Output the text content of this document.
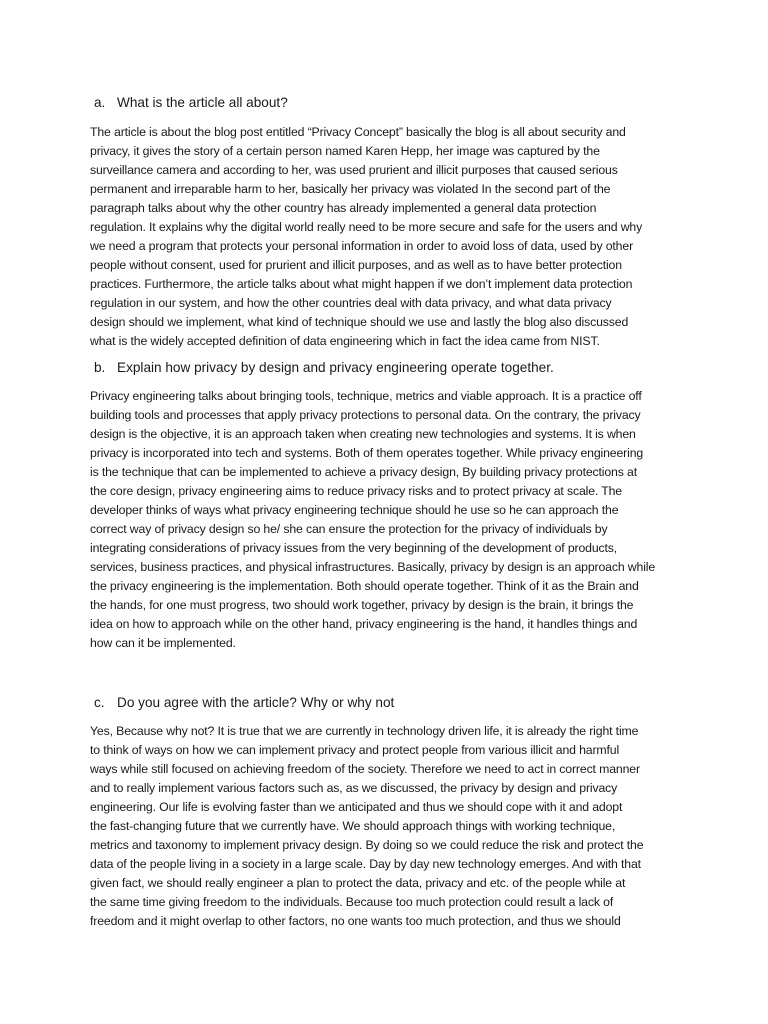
a. What is the article all about?
The article is about the blog post entitled “Privacy Concept” basically the blog is all about security and
privacy, it gives the story of a certain person named Karen Hepp, her image was captured by the
surveillance camera and according to her, was used prurient and illicit purposes that caused serious
permanent and irreparable harm to her, basically her privacy was violated In the second part of the
paragraph talks about why the other country has already implemented a general data protection
regulation. It explains why the digital world really need to be more secure and safe for the users and why
we need a program that protects your personal information in order to avoid loss of data, used by other
people without consent, used for prurient and illicit purposes, and as well as to have better protection
practices. Furthermore, the article talks about what might happen if we don’t implement data protection
regulation in our system, and how the other countries deal with data privacy, and what data privacy
design should we implement, what kind of technique should we use and lastly the blog also discussed
what is the widely accepted definition of data engineering which in fact the idea came from NIST.
b. Explain how privacy by design and privacy engineering operate together.
Privacy engineering talks about bringing tools, technique, metrics and viable approach. It is a practice off
building tools and processes that apply privacy protections to personal data. On the contrary, the privacy
design is the objective, it is an approach taken when creating new technologies and systems. It is when
privacy is incorporated into tech and systems. Both of them operates together. While privacy engineering
is the technique that can be implemented to achieve a privacy design, By building privacy protections at
the core design, privacy engineering aims to reduce privacy risks and to protect privacy at scale. The
developer thinks of ways what privacy engineering technique should he use so he can approach the
correct way of privacy design so he/ she can ensure the protection for the privacy of individuals by
integrating considerations of privacy issues from the very beginning of the development of products,
services, business practices, and physical infrastructures. Basically, privacy by design is an approach while
the privacy engineering is the implementation. Both should operate together. Think of it as the Brain and
the hands, for one must progress, two should work together, privacy by design is the brain, it brings the
idea on how to approach while on the other hand, privacy engineering is the hand, it handles things and
how can it be implemented.
c. Do you agree with the article? Why or why not
Yes, Because why not? It is true that we are currently in technology driven life, it is already the right time
to think of ways on how we can implement privacy and protect people from various illicit and harmful
ways while still focused on achieving freedom of the society. Therefore we need to act in correct manner
and to really implement various factors such as, as we discussed, the privacy by design and privacy
engineering. Our life is evolving faster than we anticipated and thus we should cope with it and adopt
the fast-changing future that we currently have. We should approach things with working technique,
metrics and taxonomy to implement privacy design. By doing so we could reduce the risk and protect the
data of the people living in a society in a large scale. Day by day new technology emerges. And with that
given fact, we should really engineer a plan to protect the data, privacy and etc. of the people while at
the same time giving freedom to the individuals. Because too much protection could result a lack of
freedom and it might overlap to other factors, no one wants too much protection, and thus we should
